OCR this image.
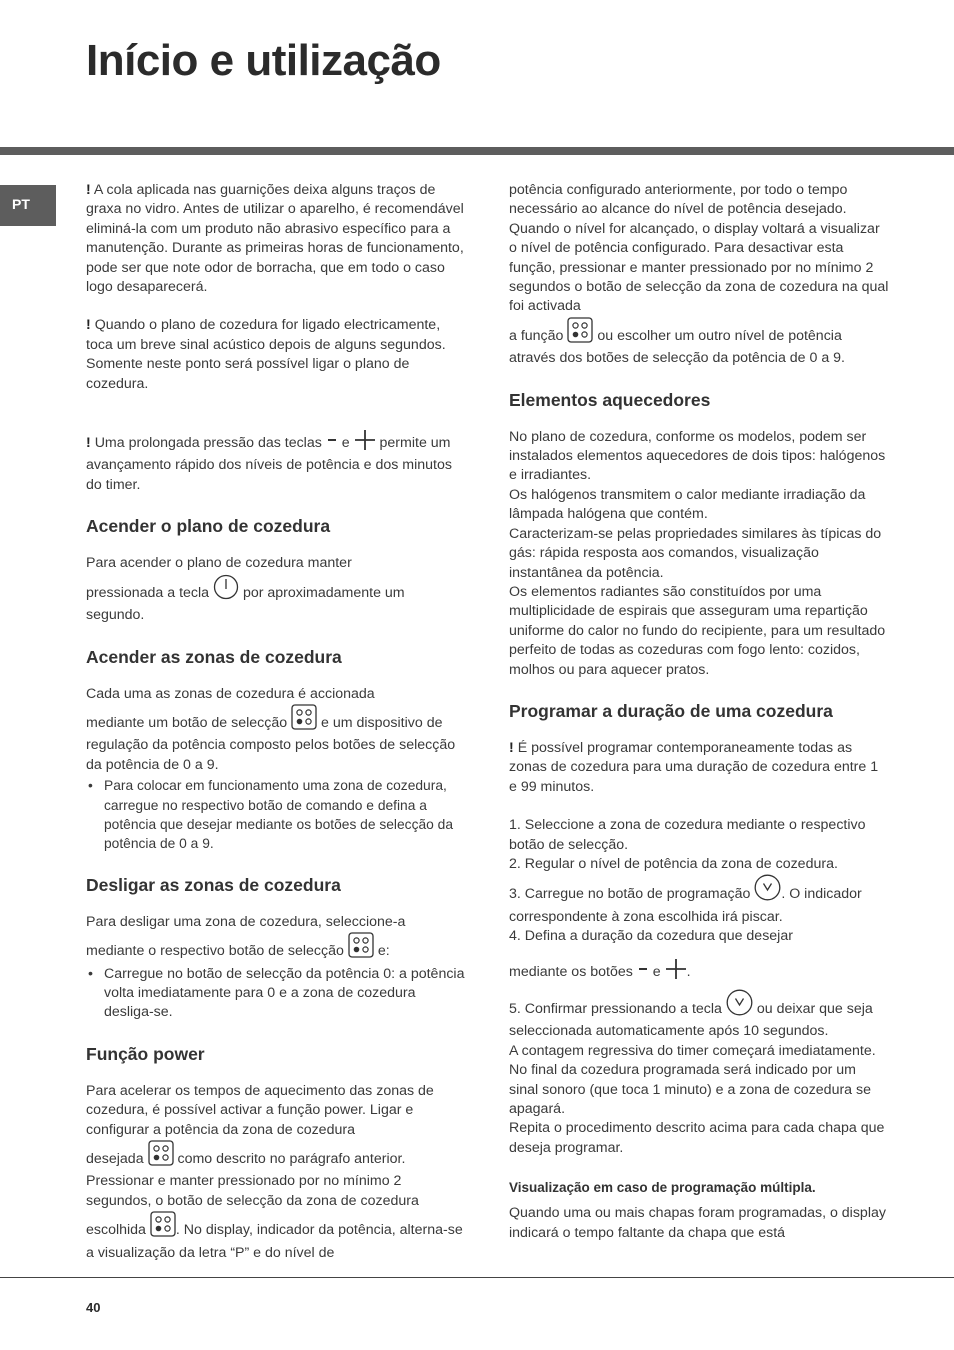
Início e utilização
PT

! A cola aplicada nas guarnições deixa alguns traços de graxa no vidro. Antes de utilizar o aparelho, é recomendável eliminá-la com um produto não abrasivo específico para a manutenção. Durante as primeiras horas de funcionamento, pode ser que note odor de borracha, que em todo o caso logo desaparecerá.

! Quando o plano de cozedura for ligado electricamente, toca um breve sinal acústico depois de alguns segundos. Somente neste ponto será possível ligar o plano de cozedura.

! Uma prolongada pressão das teclas e permite um avançamento rápido dos níveis de potência e dos minutos do timer.

Acender o plano de cozedura

Para acender o plano de cozedura manter
pressionada a tecla por aproximadamente um segundo.

Acender as zonas de cozedura

Cada uma as zonas de cozedura é accionada
mediante um botão de selecção e um dispositivo de regulação da potência composto pelos botões de selecção da potência de 0 a 9.

• Para colocar em funcionamento uma zona de cozedura, carregue no respectivo botão de comando e defina a potência que desejar mediante os botões de selecção da potência de 0 a 9.
Desligar as zonas de cozedura

Para desligar uma zona de cozedura, seleccione-a
mediante o respectivo botão de selecção e:

• Carregue no botão de selecção da potência 0: a potência volta imediatamente para 0 e a zona de cozedura desliga-se.
Função power

Para acelerar os tempos de aquecimento das zonas de cozedura, é possível activar a função power. Ligar e configurar a potência da zona de cozedura
desejada como descrito no parágrafo anterior. Pressionar e manter pressionado por no mínimo 2 segundos, o botão de selecção da zona de cozedura
escolhida . No display, indicador da potência, alterna-se a visualização da letra “P” e do nível de

potência configurado anteriormente, por todo o tempo necessário ao alcance do nível de potência desejado. Quando o nível for alcançado, o display voltará a visualizar o nível de potência configurado. Para desactivar esta função, pressionar e manter pressionado por no mínimo 2 segundos o botão de selecção da zona de cozedura na qual foi activada
a função ou escolher um outro nível de potência através dos botões de selecção da potência de 0 a 9.

Elementos aquecedores

No plano de cozedura, conforme os modelos, podem ser instalados elementos aquecedores de dois tipos: halógenos e irradiantes.

Os halógenos transmitem o calor mediante irradiação da lâmpada halógena que contém.

Caracterizam-se pelas propriedades similares às típicas do gás: rápida resposta aos comandos, visualização instantânea da potência.

Os elementos radiantes são constituídos por uma multiplicidade de espirais que asseguram uma repartição uniforme do calor no fundo do recipiente, para um resultado perfeito de todas as cozeduras com fogo lento: cozidos, molhos ou para aquecer pratos.

Programar a duração de uma cozedura

! É possível programar contemporaneamente todas as zonas de cozedura para uma duração de cozedura entre 1 e 99 minutos.

1. Seleccione a zona de cozedura mediante o respectivo botão de selecção.

2. Regular o nível de potência da zona de cozedura.

3. Carregue no botão de programação . O indicador correspondente à zona escolhida irá piscar.

4. Defina a duração da cozedura que desejar

mediante os botões e .

5. Confirmar pressionando a tecla ou deixar que seja seleccionada automaticamente após 10 segundos.

A contagem regressiva do timer começará imediatamente. No final da cozedura programada será indicado por um sinal sonoro (que toca 1 minuto) e a zona de cozedura se apagará.

Repita o procedimento descrito acima para cada chapa que deseja programar.

Visualização em caso de programação múltipla.

Quando uma ou mais chapas foram programadas, o display indicará o tempo faltante da chapa que está

40
